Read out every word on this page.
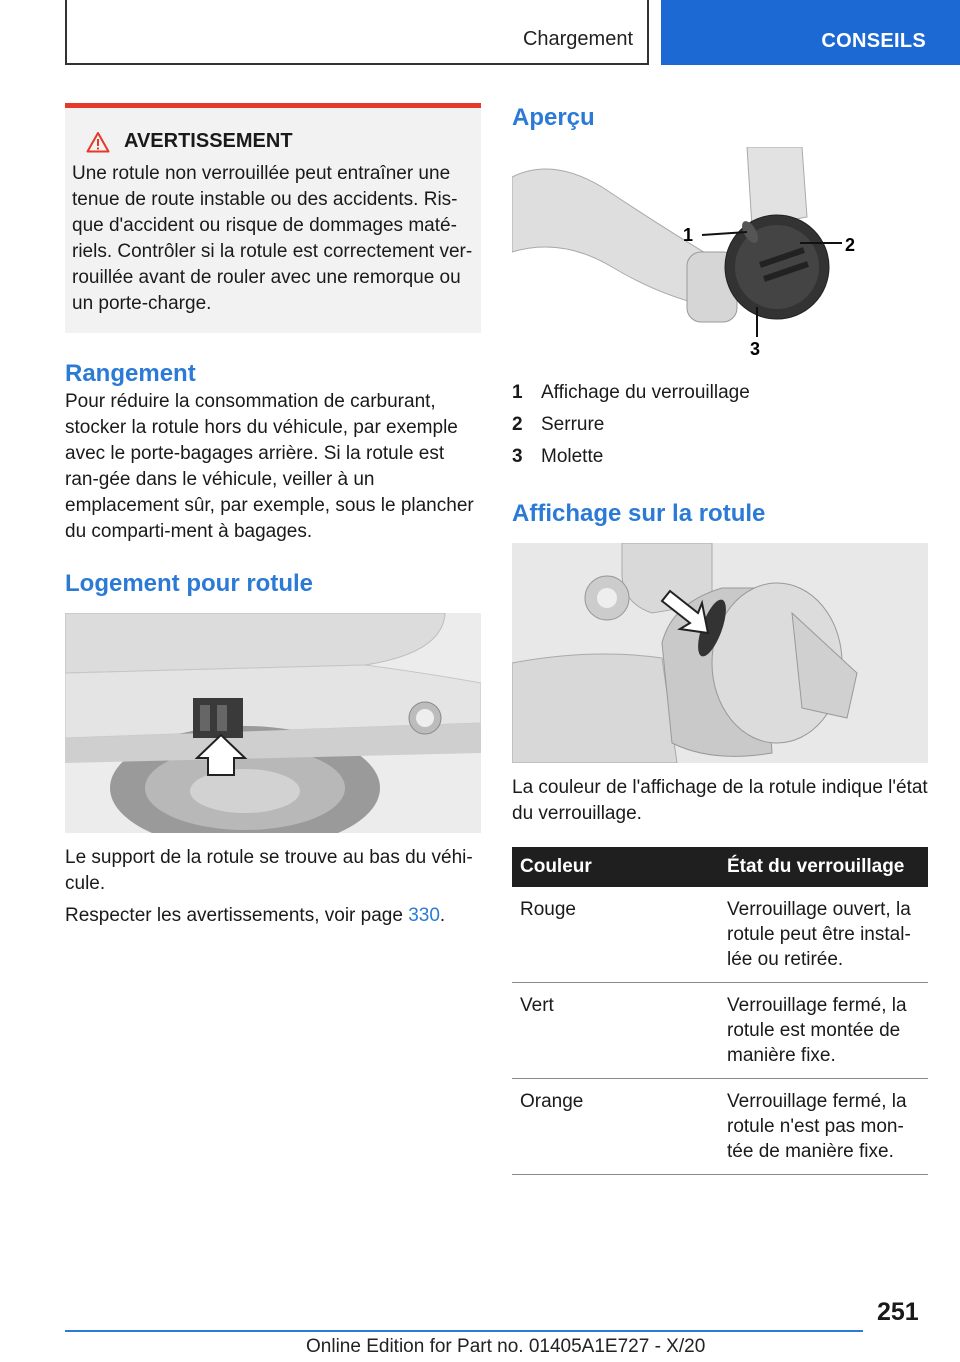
Chargement	CONSEILS
AVERTISSEMENT

Une rotule non verrouillée peut entraîner une tenue de route instable ou des accidents. Ris-que d'accident ou risque de dommages maté-riels. Contrôler si la rotule est correctement ver-rouillée avant de rouler avec une remorque ou un porte-charge.

Rangement

Pour réduire la consommation de carburant, stocker la rotule hors du véhicule, par exemple avec le porte-bagages arrière. Si la rotule est ran-gée dans le véhicule, veiller à un emplacement sûr, par exemple, sous le plancher du comparti-ment à bagages.

Logement pour rotule

Le support de la rotule se trouve au bas du véhi-cule.

Respecter les avertissements, voir page 330.

Aperçu
1	2
3
1 Affichage du verrouillage
2 Serrure
3 Molette
Affichage sur la rotule

La couleur de l'affichage de la rotule indique l'état du verrouillage.

Couleur	État du verrouillage
Rouge	Verrouillage ouvert, la rotule peut être instal-lée ou retirée.
Vert	Verrouillage fermé, la rotule est montée de manière fixe.
Orange	Verrouillage fermé, la rotule n'est pas mon-tée de manière fixe.
251
Online Edition for Part no. 01405A1E727 - X/20
